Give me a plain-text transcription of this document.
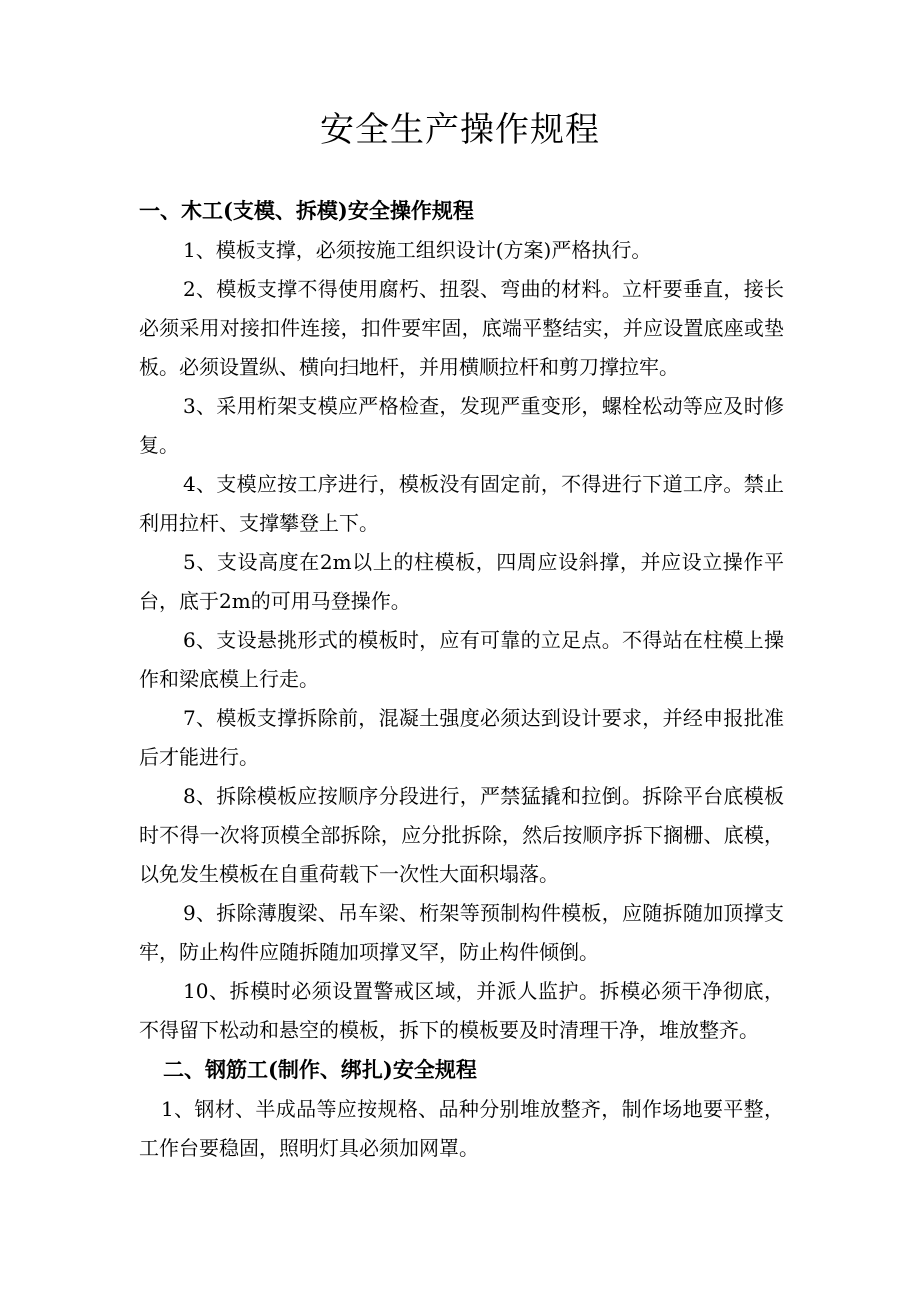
安全生产操作规程
一、木工(支模、拆模)安全操作规程

1、模板支撑，必须按施工组织设计(方案)严格执行。

2、模板支撑不得使用腐朽、扭裂、弯曲的材料。立杆要垂直，接长必须采用对接扣件连接，扣件要牢固，底端平整结实，并应设置底座或垫板。必须设置纵、横向扫地杆，并用横顺拉杆和剪刀撑拉牢。

3、采用桁架支模应严格检查，发现严重变形，螺栓松动等应及时修复。

4、支模应按工序进行，模板没有固定前，不得进行下道工序。禁止利用拉杆、支撑攀登上下。

5、支设高度在2m以上的柱模板，四周应设斜撑，并应设立操作平台，底于2m的可用马登操作。

6、支设悬挑形式的模板时，应有可靠的立足点。不得站在柱模上操作和梁底模上行走。

7、模板支撑拆除前，混凝土强度必须达到设计要求，并经申报批准后才能进行。

8、拆除模板应按顺序分段进行，严禁猛撬和拉倒。拆除平台底模板时不得一次将顶模全部拆除，应分批拆除，然后按顺序拆下搁栅、底模，以免发生模板在自重荷载下一次性大面积塌落。

9、拆除薄腹梁、吊车梁、桁架等预制构件模板，应随拆随加顶撑支牢，防止构件应随拆随加项撑叉罕，防止构件倾倒。

10、拆模时必须设置警戒区域，并派人监护。拆模必须干净彻底，不得留下松动和悬空的模板，拆下的模板要及时清理干净，堆放整齐。

二、钢筋工(制作、绑扎)安全规程

1、钢材、半成品等应按规格、品种分别堆放整齐，制作场地要平整，工作台要稳固，照明灯具必须加网罩。
